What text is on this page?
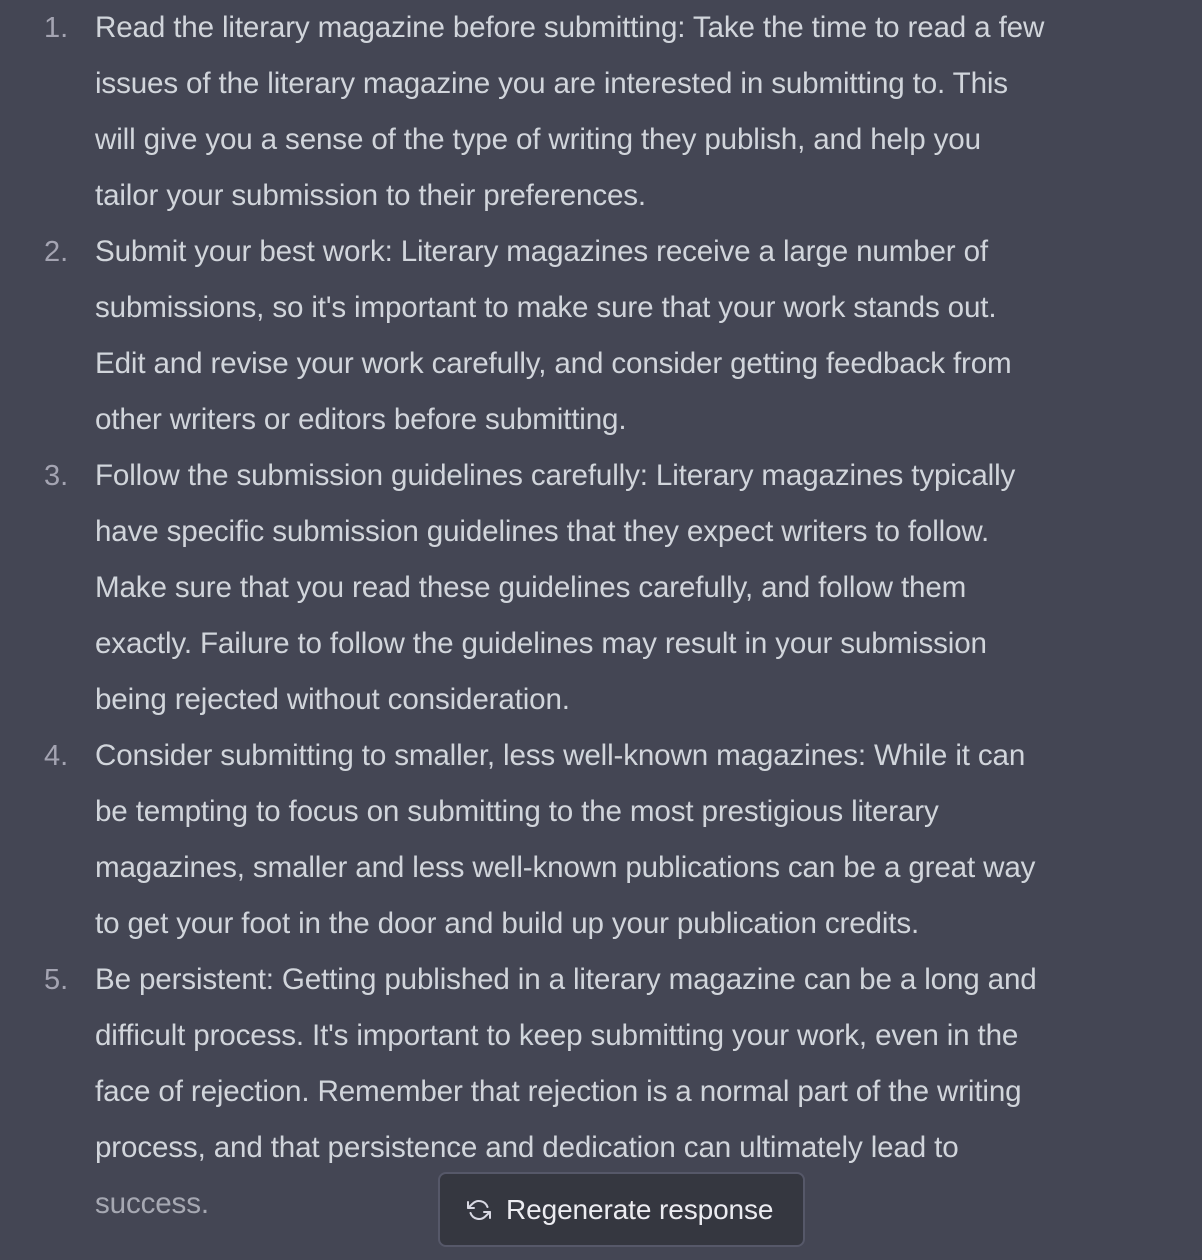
1. Read the literary magazine before submitting: Take the time to read a few
issues of the literary magazine you are interested in submitting to. This
will give you a sense of the type of writing they publish, and help you
tailor your submission to their preferences.
2. Submit your best work: Literary magazines receive a large number of
submissions, so it's important to make sure that your work stands out.
Edit and revise your work carefully, and consider getting feedback from
other writers or editors before submitting.
3. Follow the submission guidelines carefully: Literary magazines typically
have specific submission guidelines that they expect writers to follow.
Make sure that you read these guidelines carefully, and follow them
exactly. Failure to follow the guidelines may result in your submission
being rejected without consideration.
4. Consider submitting to smaller, less well-known magazines: While it can
be tempting to focus on submitting to the most prestigious literary
magazines, smaller and less well-known publications can be a great way
to get your foot in the door and build up your publication credits.
5. Be persistent: Getting published in a literary magazine can be a long and
difficult process. It's important to keep submitting your work, even in the
face of rejection. Remember that rejection is a normal part of the writing
process, and that persistence and dedication can ultimately lead to
success.	Regenerate response
